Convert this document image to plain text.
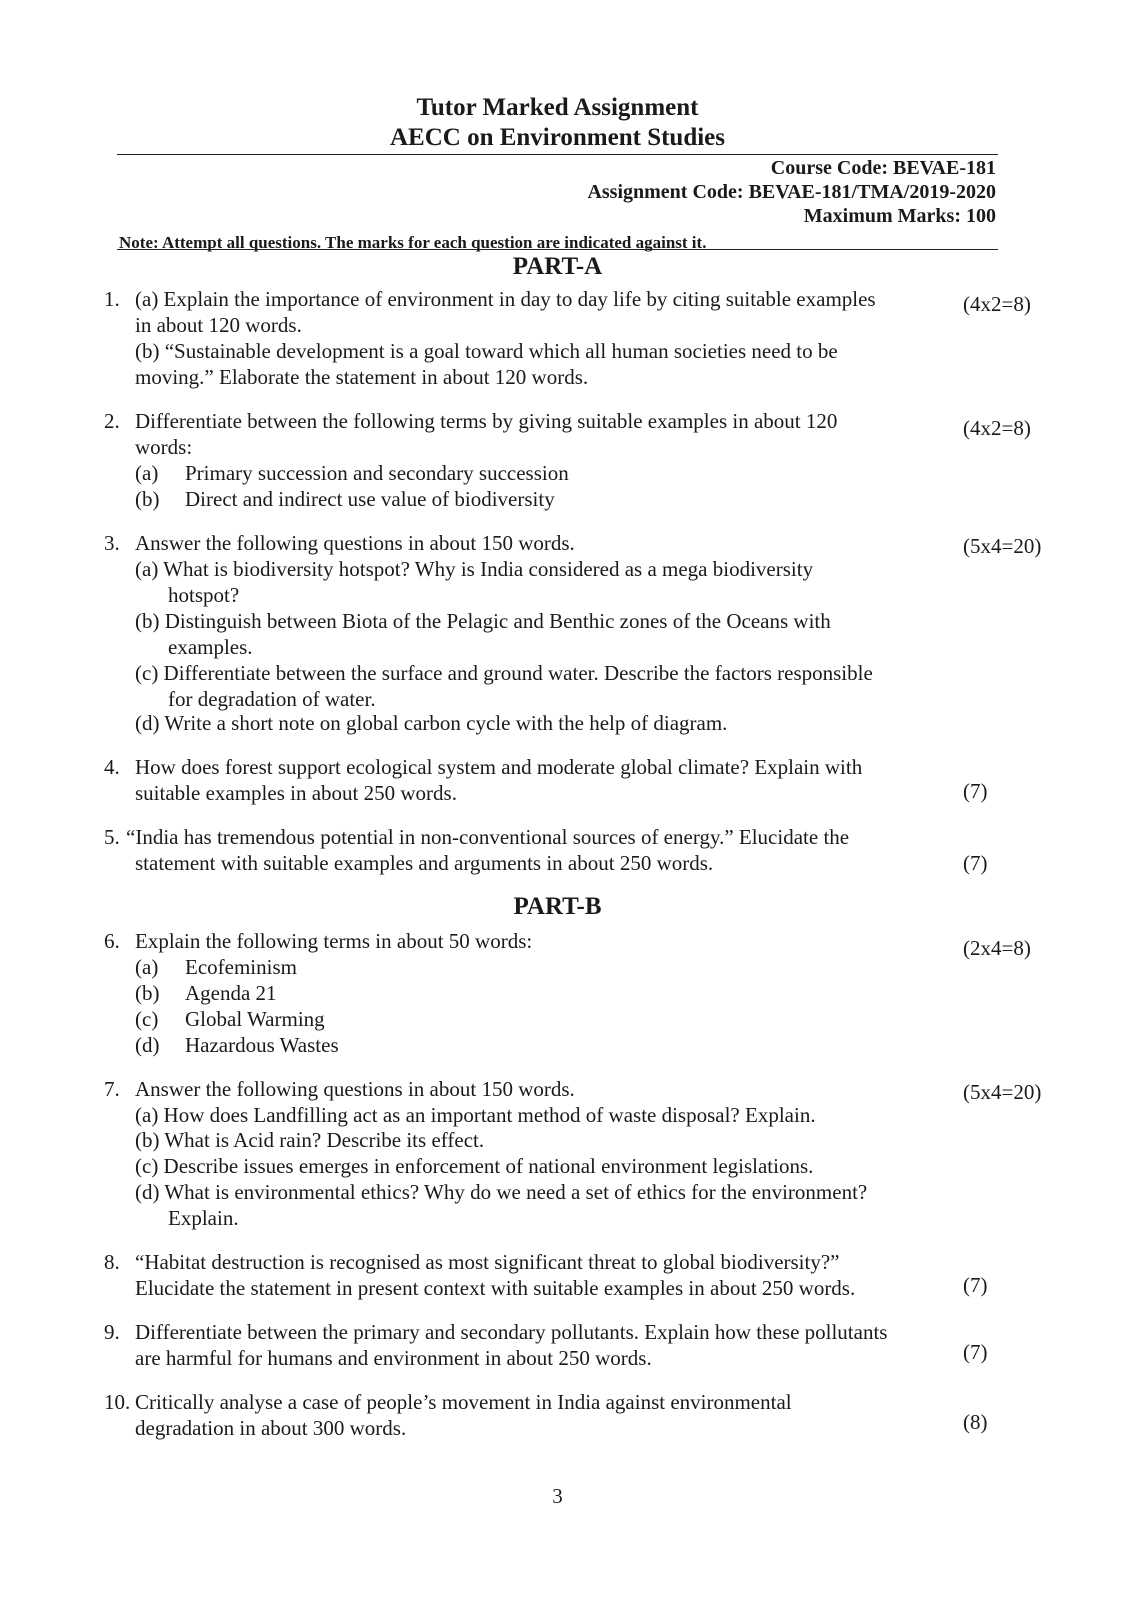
Tutor Marked Assignment
AECC on Environment Studies
Course Code: BEVAE-181
Assignment Code: BEVAE-181/TMA/2019-2020
Maximum Marks: 100
Note: Attempt all questions. The marks for each question are indicated against it.
PART-A
1. (a) Explain the importance of environment in day to day life by citing suitable examples
in about 120 words.
(b) “Sustainable development is a goal toward which all human societies need to be
moving.” Elaborate the statement in about 120 words.
(4x2=8)
2. Differentiate between the following terms by giving suitable examples in about 120
words:
(a) Primary succession and secondary succession
(b) Direct and indirect use value of biodiversity
(4x2=8)
3. Answer the following questions in about 150 words.
(a) What is biodiversity hotspot? Why is India considered as a mega biodiversity
hotspot?
(b) Distinguish between Biota of the Pelagic and Benthic zones of the Oceans with
examples.
(c) Differentiate between the surface and ground water. Describe the factors responsible
for degradation of water.
(d) Write a short note on global carbon cycle with the help of diagram.
(5x4=20)
4. How does forest support ecological system and moderate global climate? Explain with
suitable examples in about 250 words.	(7)
5. “India has tremendous potential in non-conventional sources of energy.” Elucidate the
statement with suitable examples and arguments in about 250 words.	(7)
PART-B
6. Explain the following terms in about 50 words:
(a) Ecofeminism
(b) Agenda 21
(c) Global Warming
(d) Hazardous Wastes
(2x4=8)
7. Answer the following questions in about 150 words.
(a) How does Landfilling act as an important method of waste disposal? Explain.
(b) What is Acid rain? Describe its effect.
(c) Describe issues emerges in enforcement of national environment legislations.
(d) What is environmental ethics? Why do we need a set of ethics for the environment?
Explain.
(5x4=20)
8. “Habitat destruction is recognised as most significant threat to global biodiversity?”
Elucidate the statement in present context with suitable examples in about 250 words.	(7)
9. Differentiate between the primary and secondary pollutants. Explain how these pollutants
are harmful for humans and environment in about 250 words.	(7)
10. Critically analyse a case of people’s movement in India against environmental
degradation in about 300 words.	(8)
3
